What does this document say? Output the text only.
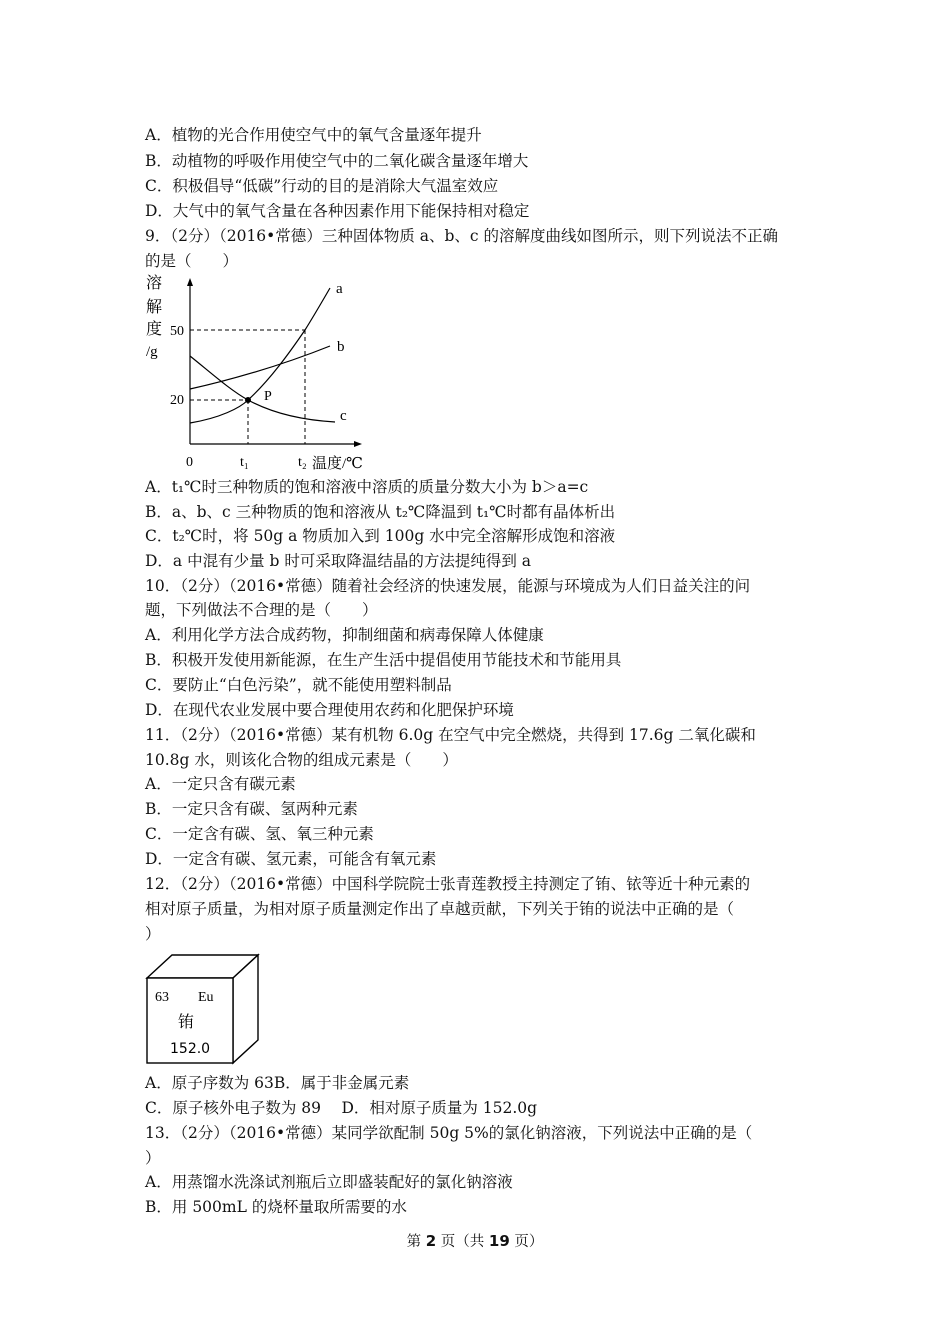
A．植物的光合作用使空气中的氧气含量逐年提升
B．动植物的呼吸作用使空气中的二氧化碳含量逐年增大
C．积极倡导“低碳”行动的目的是消除大气温室效应
D．大气中的氧气含量在各种因素作用下能保持相对稳定
9．（2分）（2016•常德）三种固体物质 a、b、c 的溶解度曲线如图所示，则下列说法不正确
的是（　　）
A．t₁℃时三种物质的饱和溶液中溶质的质量分数大小为 b＞a=c
B．a、b、c 三种物质的饱和溶液从 t₂℃降温到 t₁℃时都有晶体析出
C．t₂℃时，将 50g a 物质加入到 100g 水中完全溶解形成饱和溶液
D．a 中混有少量 b 时可采取降温结晶的方法提纯得到 a
10．（2分）（2016•常德）随着社会经济的快速发展，能源与环境成为人们日益关注的问
题，下列做法不合理的是（　　）
A．利用化学方法合成药物，抑制细菌和病毒保障人体健康
B．积极开发使用新能源，在生产生活中提倡使用节能技术和节能用具
C．要防止“白色污染”，就不能使用塑料制品
D．在现代农业发展中要合理使用农药和化肥保护环境
11．（2分）（2016•常德）某有机物 6.0g 在空气中完全燃烧，共得到 17.6g 二氧化碳和
10.8g 水，则该化合物的组成元素是（　　）
A．一定只含有碳元素
B．一定只含有碳、氢两种元素
C．一定含有碳、氢、氧三种元素
D．一定含有碳、氢元素，可能含有氧元素
12．（2分）（2016•常德）中国科学院院士张青莲教授主持测定了铕、铱等近十种元素的
相对原子质量，为相对原子质量测定作出了卓越贡献，下列关于铕的说法中正确的是（
）
A．原子序数为 63B．属于非金属元素
C．原子核外电子数为 89　 D．相对原子质量为 152.0g
13．（2分）（2016•常德）某同学欲配制 50g 5%的氯化钠溶液，下列说法中正确的是（
）
A．用蒸馏水洗涤试剂瓶后立即盛装配好的氯化钠溶液
B．用 500mL 的烧杯量取所需要的水
溶
解
度
/g
50
20
0	t₁	t₂ 温度/℃
P
a
b
c
63 Eu
铕
152.0
第 2 页（共 19 页）
